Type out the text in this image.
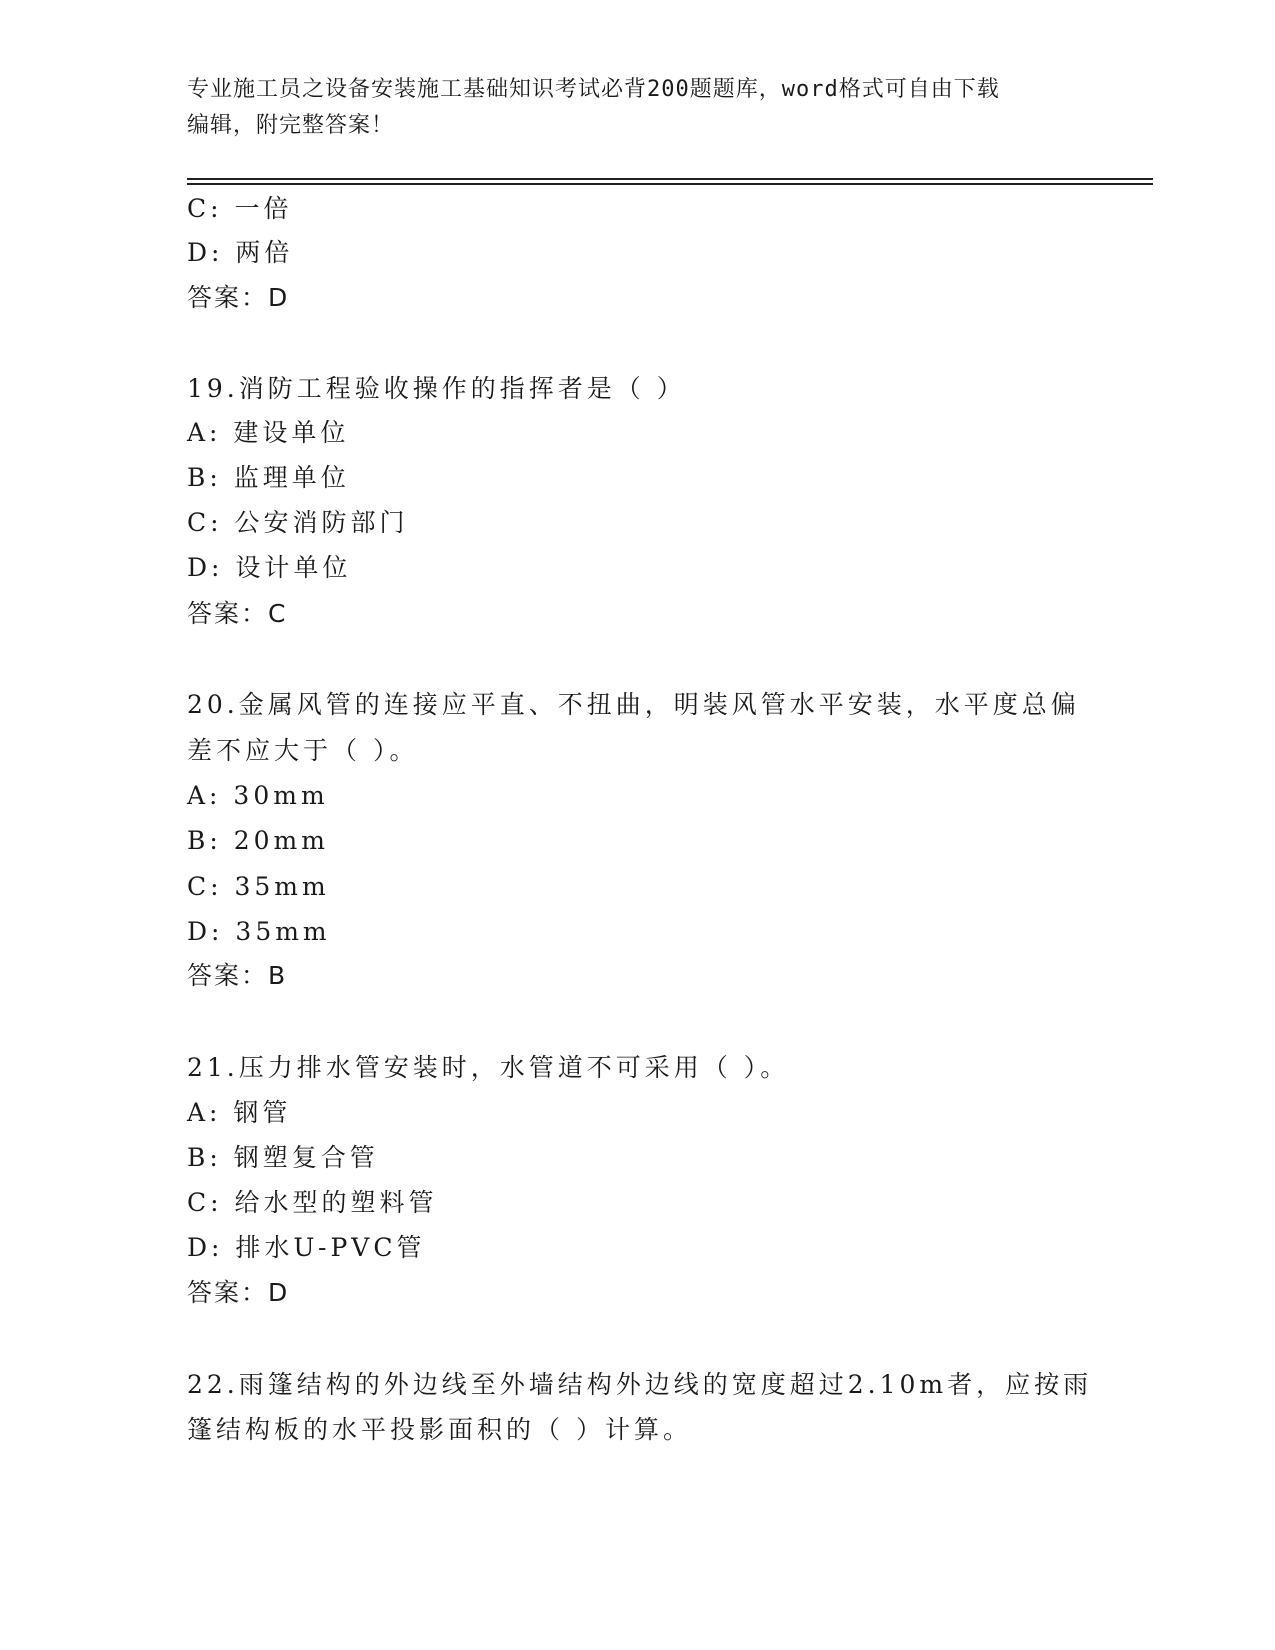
专业施工员之设备安装施工基础知识考试必背200题题库，word格式可自由下载
编辑，附完整答案！
C: 一倍
D: 两倍
答案：D
19.消防工程验收操作的指挥者是（ ）
A: 建设单位
B: 监理单位
C: 公安消防部门
D: 设计单位
答案：C
20.金属风管的连接应平直、不扭曲，明装风管水平安装，水平度总偏
差不应大于（ ）。
A: 30mm
B: 20mm
C: 35mm
D: 35mm
答案：B
21.压力排水管安装时，水管道不可采用（ ）。
A: 钢管
B: 钢塑复合管
C: 给水型的塑料管
D: 排水U-PVC管
答案：D
22.雨篷结构的外边线至外墙结构外边线的宽度超过2.10m者，应按雨
篷结构板的水平投影面积的（ ）计算。
